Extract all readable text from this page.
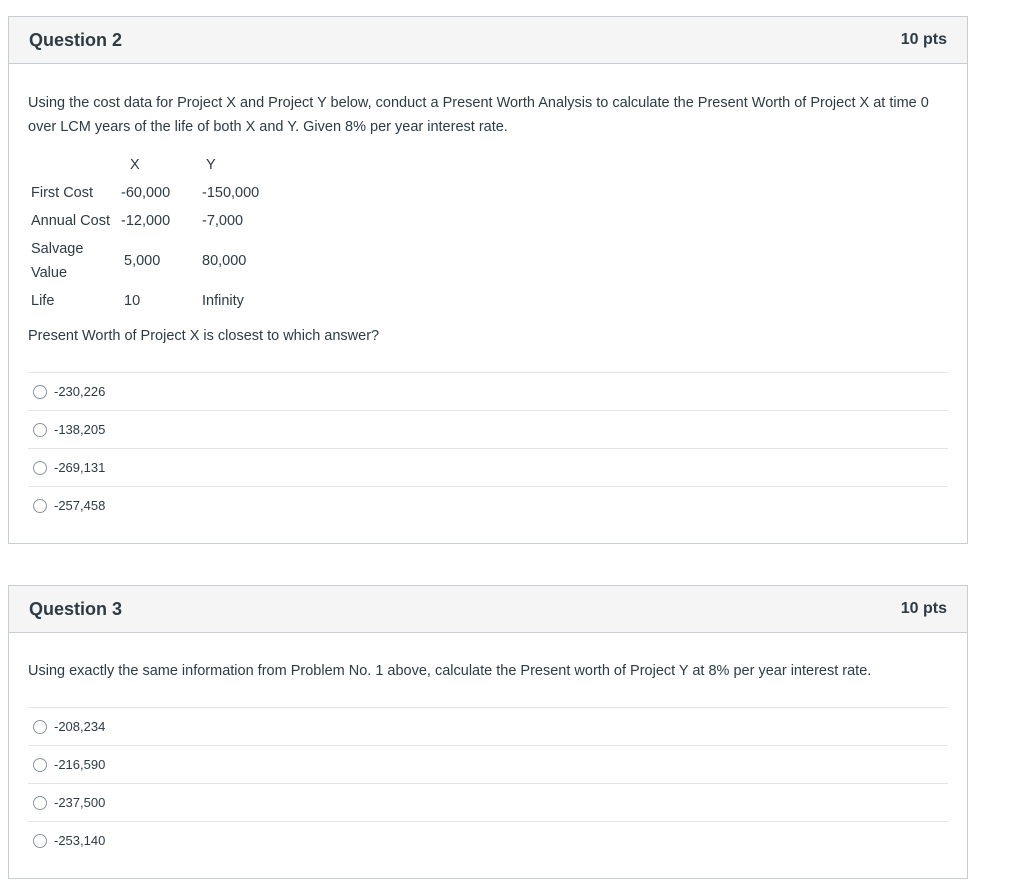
Question 2	10 pts
Using the cost data for Project X and Project Y below, conduct a Present Worth Analysis to calculate the Present Worth of Project X at time 0 over LCM years of the life of both X and Y. Given 8% per year interest rate.
	X	Y
First Cost	-60,000	-150,000
Annual Cost	-12,000	-7,000
Salvage Value	5,000	80,000
Life	10	Infinity
Present Worth of Project X is closest to which answer?
-230,226
-138,205
-269,131
-257,458
Question 3	10 pts
Using exactly the same information from Problem No. 1 above, calculate the Present worth of Project Y at 8% per year interest rate.
-208,234
-216,590
-237,500
-253,140
